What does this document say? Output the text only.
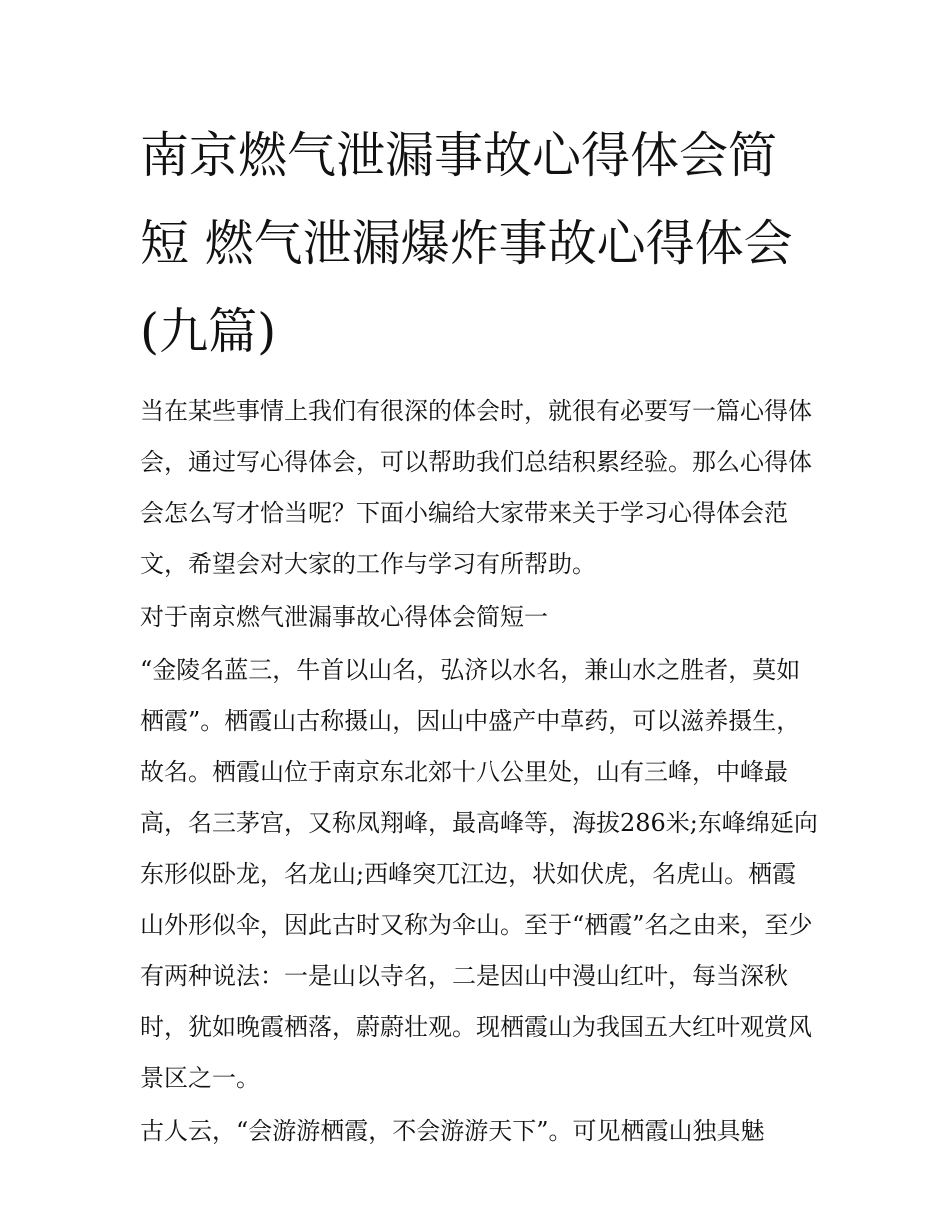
南京燃气泄漏事故心得体会简短 燃气泄漏爆炸事故心得体会(九篇)

当在某些事情上我们有很深的体会时，就很有必要写一篇心得体会，通过写心得体会，可以帮助我们总结积累经验。那么心得体会怎么写才恰当呢？下面小编给大家带来关于学习心得体会范文，希望会对大家的工作与学习有所帮助。

对于南京燃气泄漏事故心得体会简短一

“金陵名蓝三，牛首以山名，弘济以水名，兼山水之胜者，莫如栖霞”。栖霞山古称摄山，因山中盛产中草药，可以滋养摄生，故名。栖霞山位于南京东北郊十八公里处，山有三峰，中峰最高，名三茅宫，又称凤翔峰，最高峰等，海拔286米;东峰绵延向东形似卧龙，名龙山;西峰突兀江边，状如伏虎，名虎山。栖霞山外形似伞，因此古时又称为伞山。至于“栖霞”名之由来，至少有两种说法：一是山以寺名，二是因山中漫山红叶，每当深秋时，犹如晚霞栖落，蔚蔚壮观。现栖霞山为我国五大红叶观赏风景区之一。

古人云，“会游游栖霞，不会游游天下”。可见栖霞山独具魅
